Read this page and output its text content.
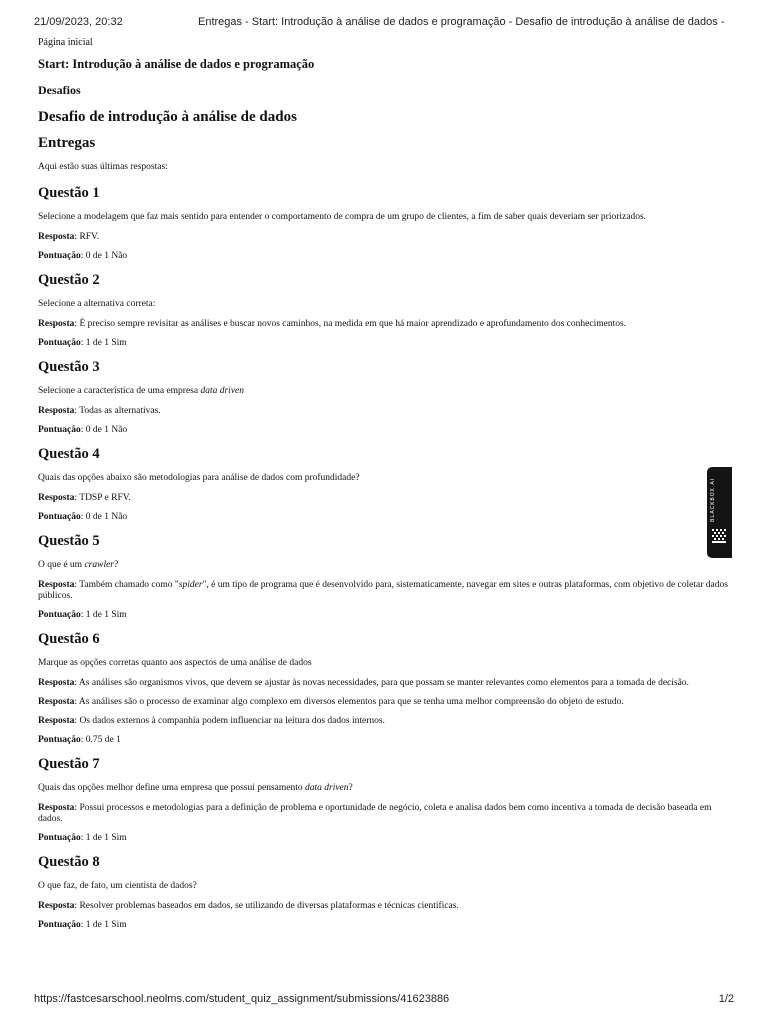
21/09/2023, 20:32	Entregas - Start: Introdução à análise de dados e programação - Desafio de introdução à análise de dados -
Página inicial
Start: Introdução à análise de dados e programação
Desafios
Desafio de introdução à análise de dados
Entregas
Aqui estão suas últimas respostas:
Questão 1
Selecione a modelagem que faz mais sentido para entender o comportamento de compra de um grupo de clientes, a fim de saber quais deveriam ser priorizados.
Resposta: RFV.
Pontuação: 0 de 1 Não
Questão 2
Selecione a alternativa correta:
Resposta: É preciso sempre revisitar as análises e buscar novos caminhos, na medida em que há maior aprendizado e aprofundamento dos conhecimentos.
Pontuação: 1 de 1 Sim
Questão 3
Selecione a característica de uma empresa data driven
Resposta: Todas as alternativas.
Pontuação: 0 de 1 Não
Questão 4
Quais das opções abaixo são metodologias para análise de dados com profundidade?
Resposta: TDSP e RFV.
Pontuação: 0 de 1 Não
Questão 5
O que é um crawler?
Resposta: Também chamado como "spider", é um tipo de programa que é desenvolvido para, sistematicamente, navegar em sites e outras plataformas, com objetivo de coletar dados públicos.
Pontuação: 1 de 1 Sim
Questão 6
Marque as opções corretas quanto aos aspectos de uma análise de dados
Resposta: As análises são organismos vivos, que devem se ajustar às novas necessidades, para que possam se manter relevantes como elementos para a tomada de decisão.
Resposta: As análises são o processo de examinar algo complexo em diversos elementos para que se tenha uma melhor compreensão do objeto de estudo.
Resposta: Os dados externos à companhia podem influenciar na leitura dos dados internos.
Pontuação: 0.75 de 1
Questão 7
Quais das opções melhor define uma empresa que possui pensamento data driven?
Resposta: Possui processos e metodologias para a definição de problema e oportunidade de negócio, coleta e analisa dados bem como incentiva a tomada de decisão baseada em dados.
Pontuação: 1 de 1 Sim
Questão 8
O que faz, de fato, um cientista de dados?
Resposta: Resolver problemas baseados em dados, se utilizando de diversas plataformas e técnicas científicas.
Pontuação: 1 de 1 Sim
BLACKBOX AI
https://fastcesarschool.neolms.com/student_quiz_assignment/submissions/41623886	1/2
